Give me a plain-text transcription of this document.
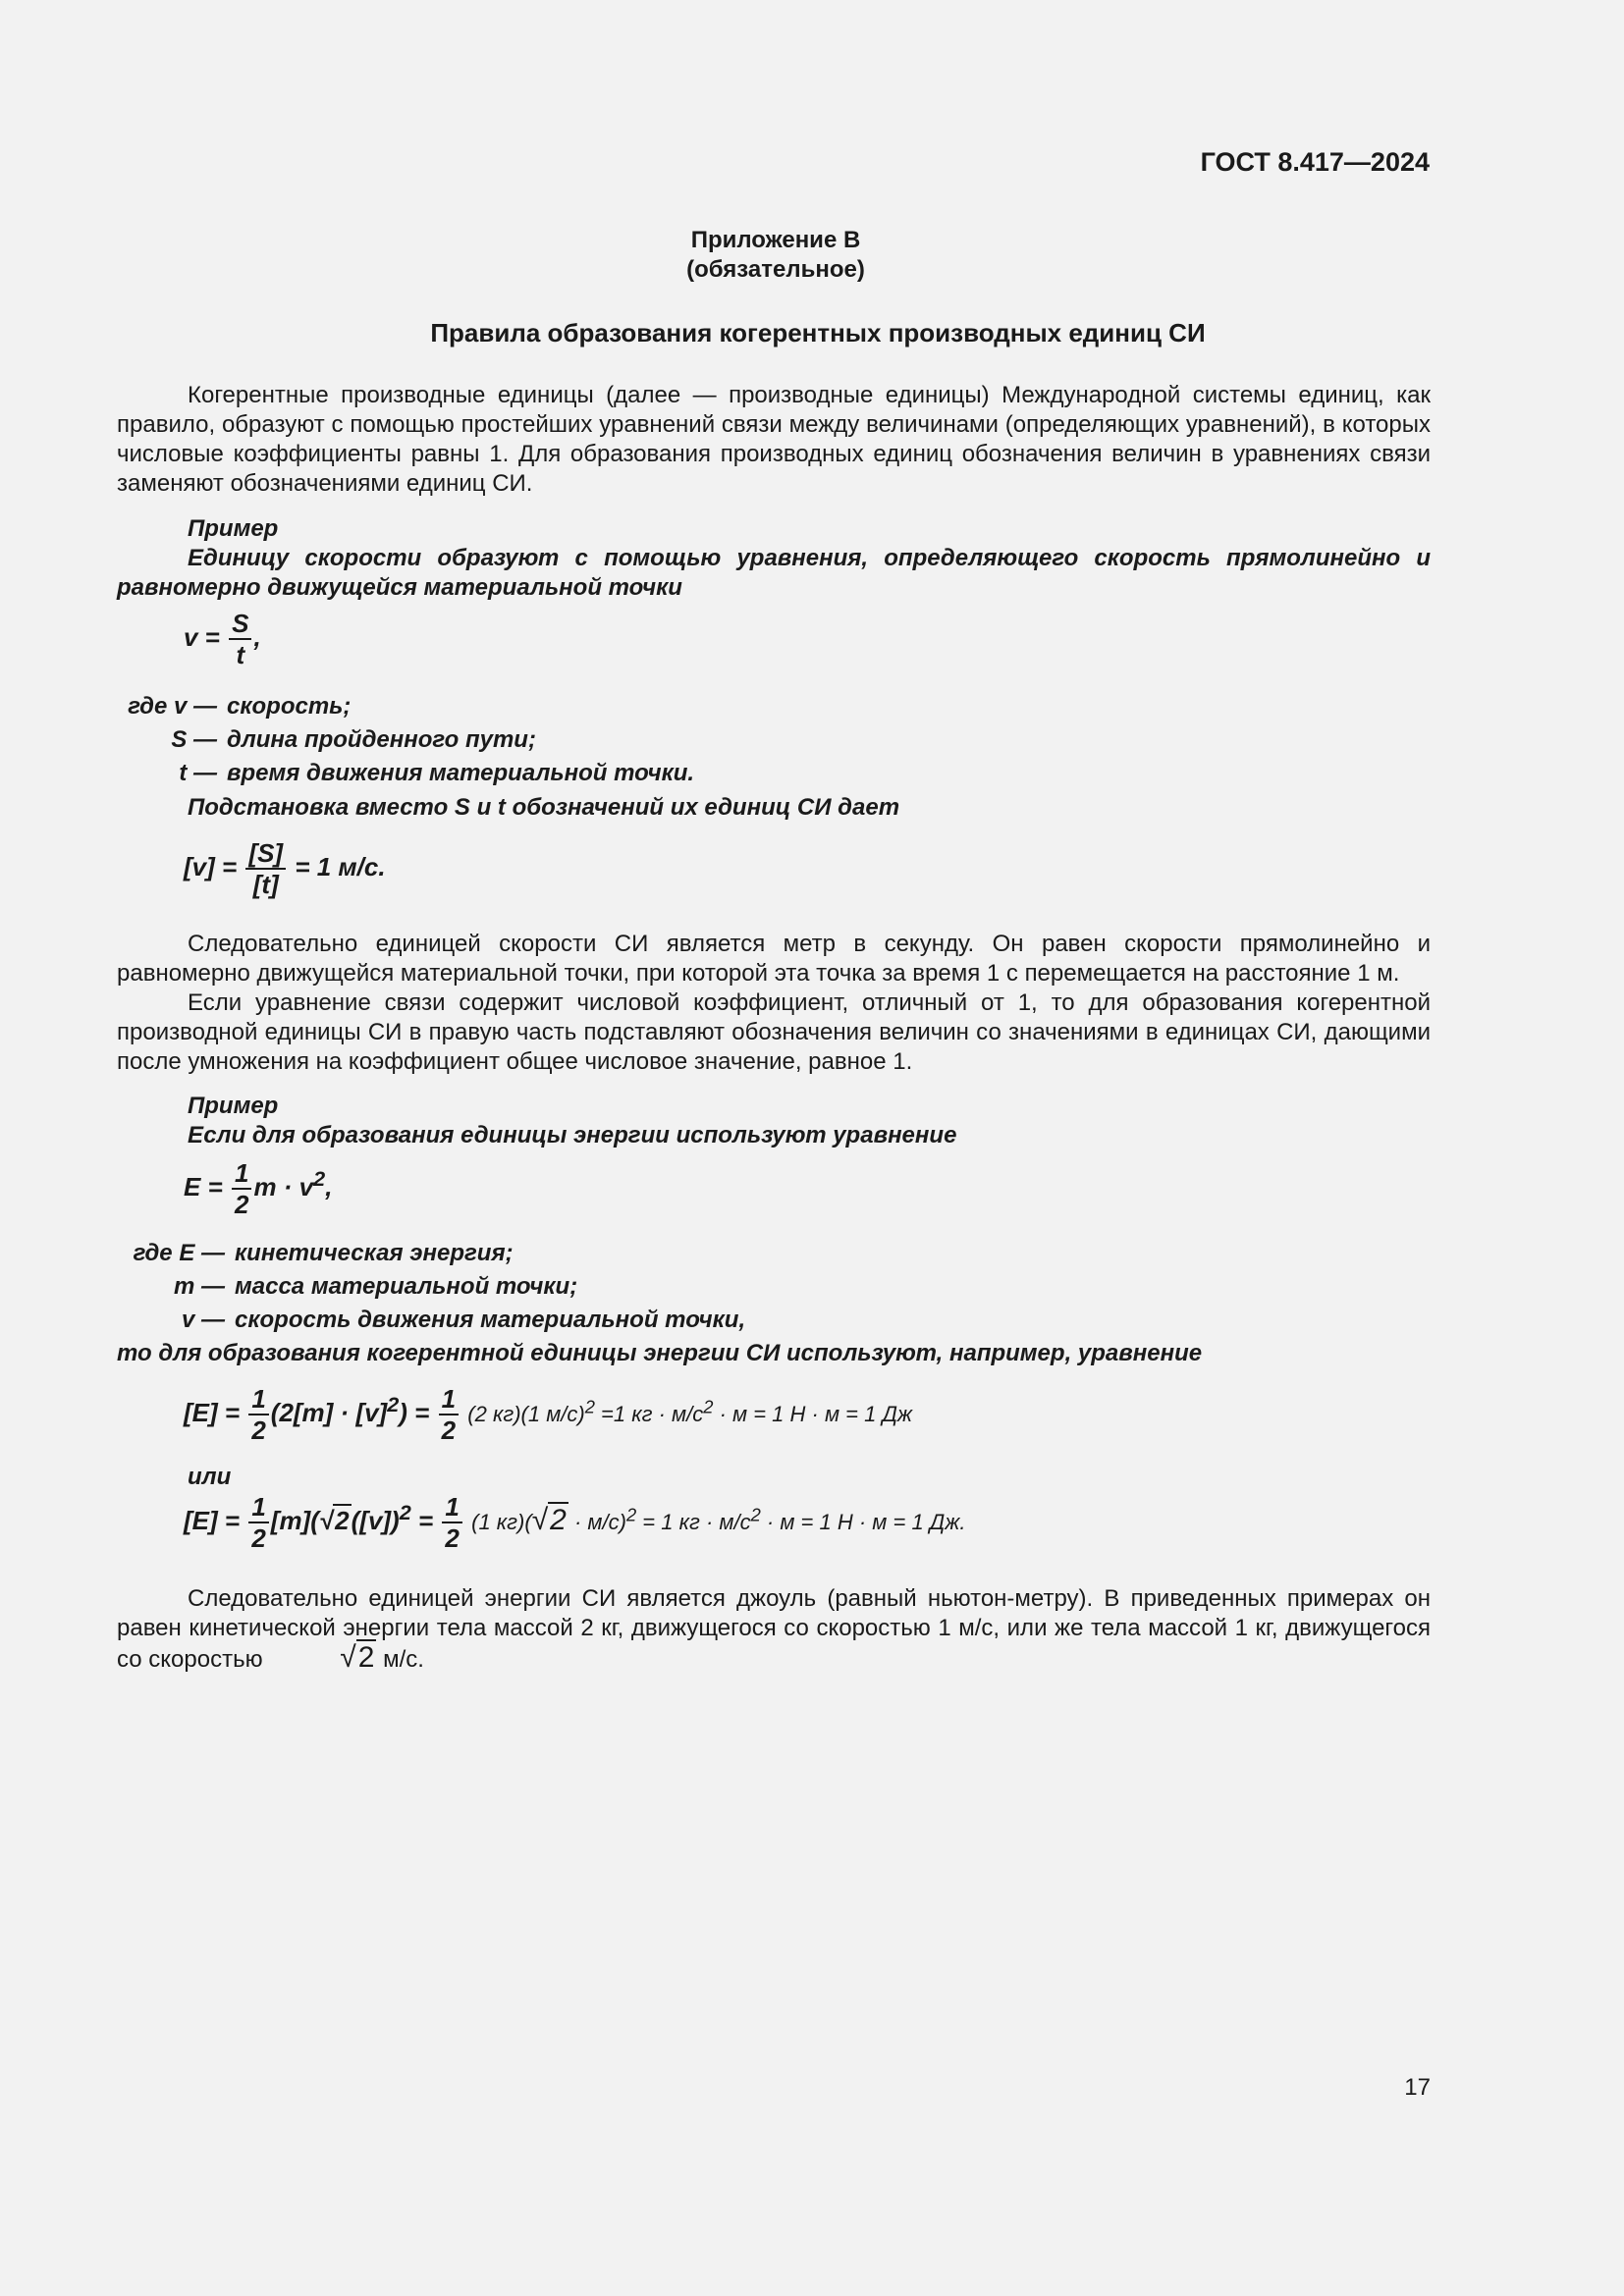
ГОСТ 8.417—2024
Приложение В
(обязательное)
Правила образования когерентных производных единиц СИ

Когерентные производные единицы (далее — производные единицы) Международной системы единиц, как правило, образуют с помощью простейших уравнений связи между величинами (определяющих уравнений), в которых числовые коэффициенты равны 1. Для образования производных единиц обозначения величин в уравнениях связи заменяют обозначениями единиц СИ.

Пример

Единицу скорости образуют с помощью уравнения, определяющего скорость прямолинейно и равномерно движущейся материальной точки

$v = \frac{S}{t}$ ,
где v —	скорость;
S —	длина пройденного пути;
t —	время движения материальной точки.
Подстановка вместо S и t обозначений их единиц СИ дает
$[v] = \frac{[S]}{[t]} = 1$ м/с.

Следовательно единицей скорости СИ является метр в секунду. Он равен скорости прямолинейно и равномерно движущейся материальной точки, при которой эта точка за время 1 с перемещается на расстояние 1 м.

Если уравнение связи содержит числовой коэффициент, отличный от 1, то для образования когерентной производной единицы СИ в правую часть подставляют обозначения величин со значениями в единицах СИ, дающими после умножения на коэффициент общее числовое значение, равное 1.

Пример

Если для образования единицы энергии используют уравнение

$E = \frac{1}{2}$ $m \cdot v^2$,
где E —	кинетическая энергия;
m —	масса материальной точки;
v —	скорость движения материальной точки,
то для образования когерентной единицы энергии СИ используют, например, уравнение
$[E] = \frac{1}{2} (2[m] \cdot [v]^2) = \frac{1}{2} (2$ кг)(1 м/с)$^2$ =1 кг · $м/с^2 \cdot м = 1$ Н · м = 1 Дж
или
$[E] = \frac{1}{2} [m](√2([v])^2 = \frac{1}{2} (1$ $кг)(√2 \cdot м/с)^2 = 1$ кг · $м/с^2 \cdot м = 1$ Н · м = 1 Дж.

Следовательно единицей энергии СИ является джоуль (равный ньютон-метру). В приведенных примерах он равен кинетической энергии тела массой 2 кг, движущегося со скоростью 1 м/с, или же тела массой 1 кг, движущегося со скоростью	√2 м/с.

17
